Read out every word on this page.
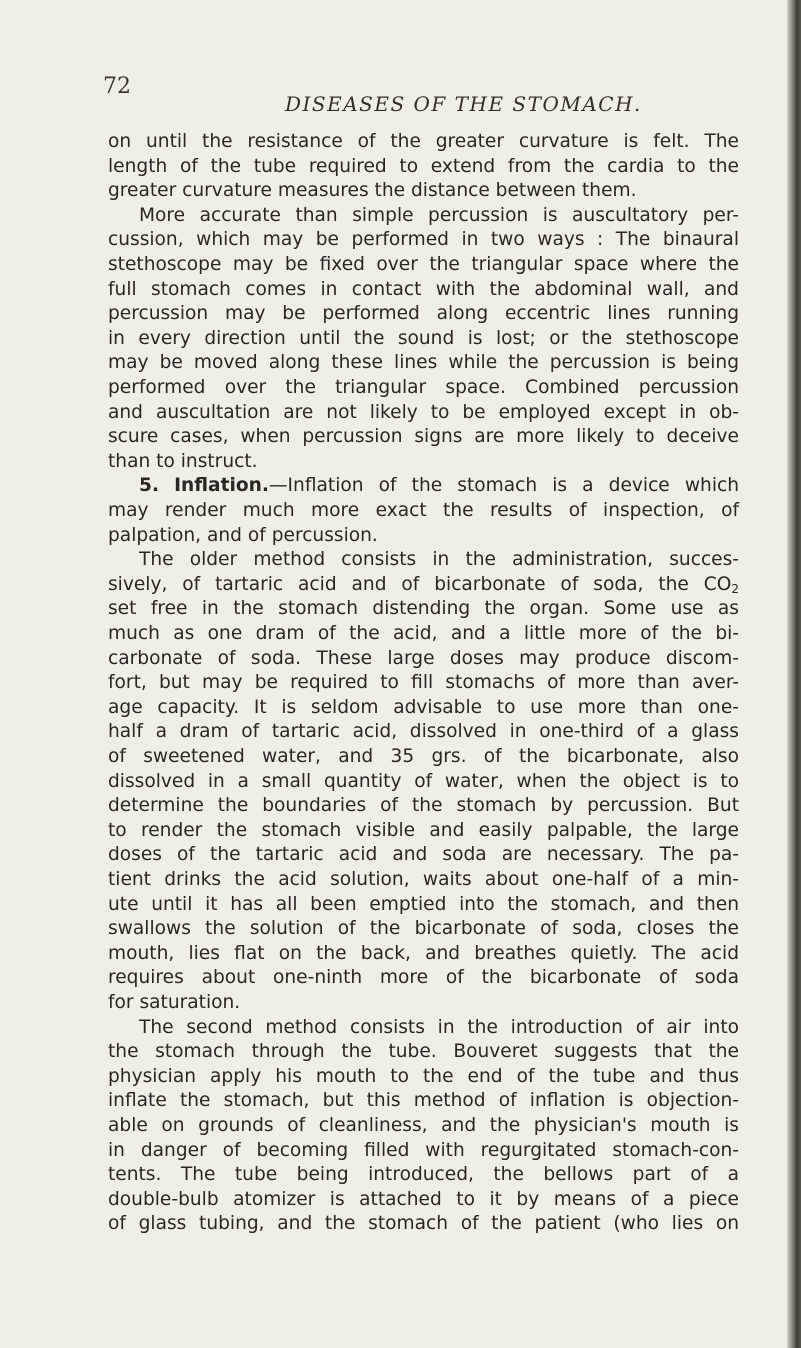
72
DISEASES OF THE STOMACH.
on until the resistance of the greater curvature is felt. The
length of the tube required to extend from the cardia to the
greater curvature measures the distance between them.
More accurate than simple percussion is auscultatory per-
cussion, which may be performed in two ways : The binaural
stethoscope may be fixed over the triangular space where the
full stomach comes in contact with the abdominal wall, and
percussion may be performed along eccentric lines running
in every direction until the sound is lost; or the stethoscope
may be moved along these lines while the percussion is being
performed over the triangular space. Combined percussion
and auscultation are not likely to be employed except in ob-
scure cases, when percussion signs are more likely to deceive
than to instruct.
5. Inflation.—Inflation of the stomach is a device which
may render much more exact the results of inspection, of
palpation, and of percussion.
The older method consists in the administration, succes-
sively, of tartaric acid and of bicarbonate of soda, the $CO_2$
set free in the stomach distending the organ. Some use as
much as one dram of the acid, and a little more of the bi-
carbonate of soda. These large doses may produce discom-
fort, but may be required to fill stomachs of more than aver-
age capacity. It is seldom advisable to use more than one-
half a dram of tartaric acid, dissolved in one-third of a glass
of sweetened water, and 35 grs. of the bicarbonate, also
dissolved in a small quantity of water, when the object is to
determine the boundaries of the stomach by percussion. But
to render the stomach visible and easily palpable, the large
doses of the tartaric acid and soda are necessary. The pa-
tient drinks the acid solution, waits about one-half of a min-
ute until it has all been emptied into the stomach, and then
swallows the solution of the bicarbonate of soda, closes the
mouth, lies flat on the back, and breathes quietly. The acid
requires about one-ninth more of the bicarbonate of soda
for saturation.
The second method consists in the introduction of air into
the stomach through the tube. Bouveret suggests that the
physician apply his mouth to the end of the tube and thus
inflate the stomach, but this method of inflation is objection-
able on grounds of cleanliness, and the physician's mouth is
in danger of becoming filled with regurgitated stomach-con-
tents. The tube being introduced, the bellows part of a
double-bulb atomizer is attached to it by means of a piece
of glass tubing, and the stomach of the patient (who lies on
